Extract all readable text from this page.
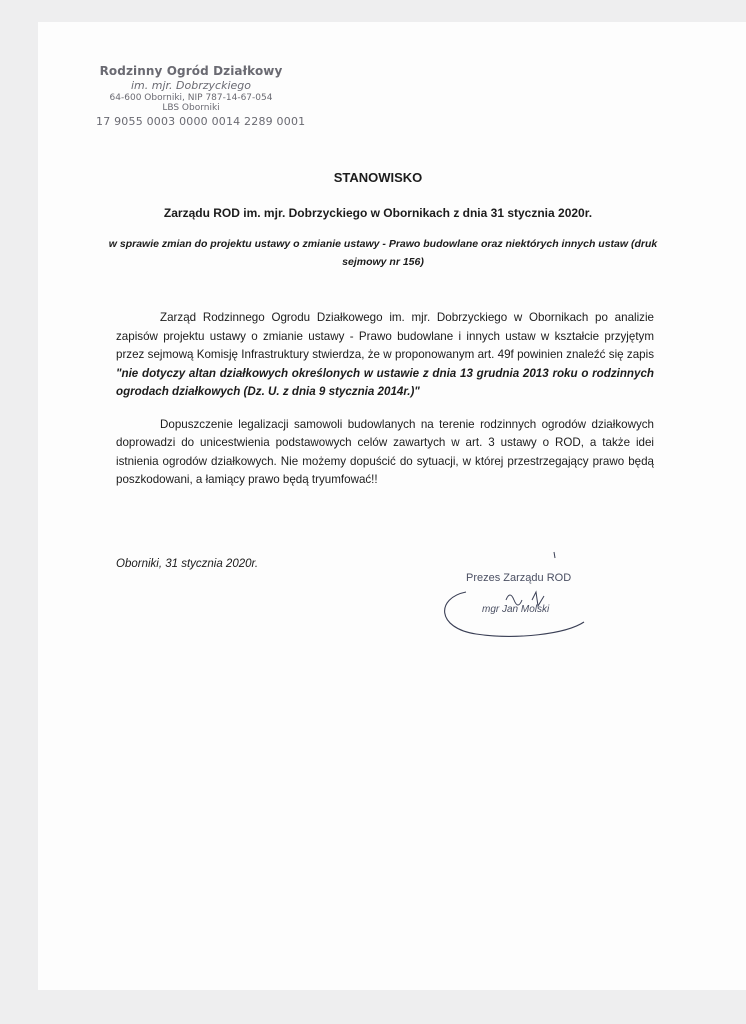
Rodzinny Ogród Działkowy
im. mjr. Dobrzyckiego
64-600 Oborniki, NIP 787-14-67-054
LBS Oborniki
17 9055 0003 0000 0014 2289 0001
STANOWISKO
Zarządu ROD im. mjr. Dobrzyckiego w Obornikach z dnia 31 stycznia 2020r.
w sprawie zmian do projektu ustawy o zmianie ustawy - Prawo budowlane oraz niektórych innych ustaw (druk sejmowy nr 156)

Zarząd Rodzinnego Ogrodu Działkowego im. mjr. Dobrzyckiego w Obornikach po analizie zapisów projektu ustawy o zmianie ustawy - Prawo budowlane i innych ustaw w kształcie przyjętym przez sejmową Komisję Infrastruktury stwierdza, że w proponowanym art. 49f powinien znaleźć się zapis "nie dotyczy altan działkowych określonych w ustawie z dnia 13 grudnia 2013 roku o rodzinnych ogrodach działkowych (Dz. U. z dnia 9 stycznia 2014r.)"

Dopuszczenie legalizacji samowoli budowlanych na terenie rodzinnych ogrodów działkowych doprowadzi do unicestwienia podstawowych celów zawartych w art. 3 ustawy o ROD, a także idei istnienia ogrodów działkowych. Nie możemy dopuścić do sytuacji, w której przestrzegający prawo będą poszkodowani, a łamiący prawo będą tryumfować!!

Oborniki, 31 stycznia 2020r.
Prezes Zarządu ROD
mgr Jan Molski
